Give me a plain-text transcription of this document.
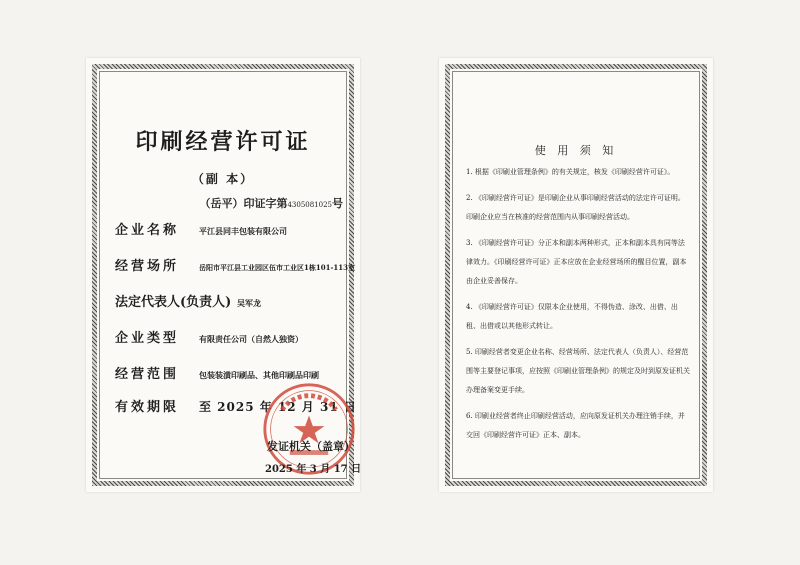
印刷经营许可证
（副 本）
（岳平）印证字第4305081025号
企业名称	平江县同丰包装有限公司
经营场所	岳阳市平江县工业园区伍市工业区1栋101-113室
法定代表人(负责人) 吴军龙
企业类型	有限责任公司（自然人独资）
经营范围	包装装潢印刷品、其他印刷品印刷
有效期限	至 2025 年 12 月 31 日
发证机关（盖章）
2025 年 3 月 17 日
使 用 须 知
1. 根据《印刷业管理条例》的有关规定，核发《印刷经营许可证》。
2. 《印刷经营许可证》是印刷企业从事印刷经营活动的法定许可证明。印刷企业应当在核准的经营范围内从事印刷经营活动。
3. 《印刷经营许可证》分正本和副本两种形式，正本和副本具有同等法律效力。《印刷经营许可证》正本应放在企业经营场所的醒目位置，副本由企业妥善保存。
4. 《印刷经营许可证》仅限本企业使用，不得伪造、涂改、出借、出租、出借或以其他形式转让。
5. 印刷经营者变更企业名称、经营场所、法定代表人（负责人）、经营范围等主要登记事项，应按照《印刷业管理条例》的规定及时到原发证机关办理备案变更手续。
6. 印刷业经营者终止印刷经营活动，应向原发证机关办理注销手续，并交回《印刷经营许可证》正本、副本。
